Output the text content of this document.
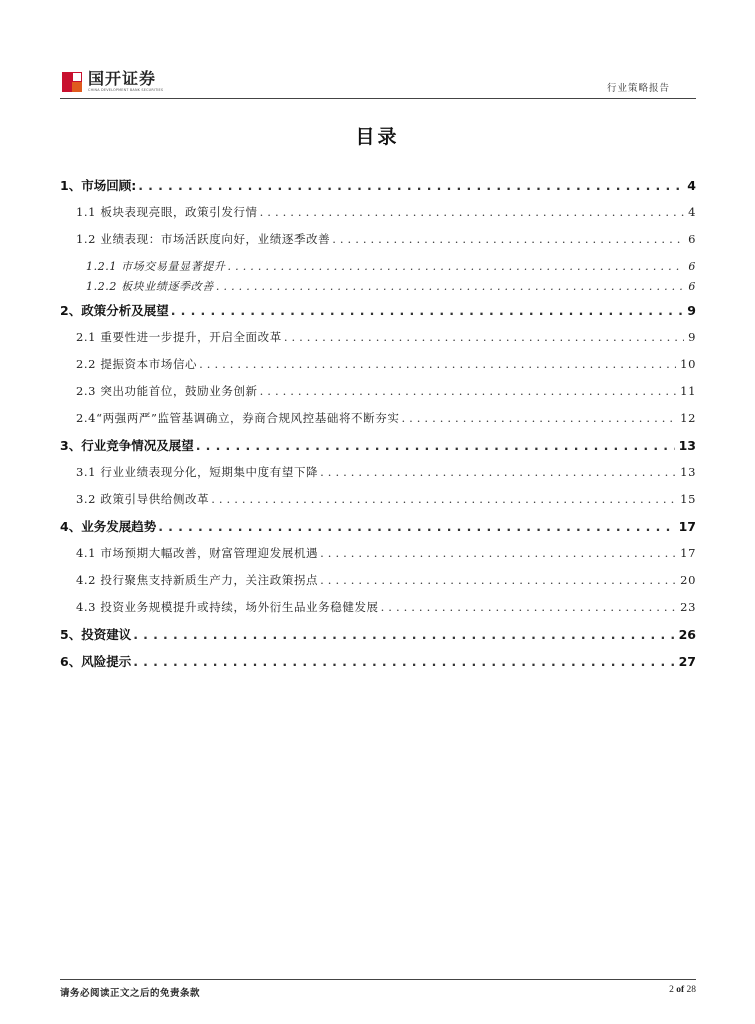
国开证券
CHINA DEVELOPMENT BANK SECURITIES	行业策略报告
目录
1、市场回顾: .....	4
1.1 板块表现亮眼，政策引发行情 .....	4
1.2 业绩表现：市场活跃度向好，业绩逐季改善 .....	6
1.2.1 市场交易量显著提升 .....	6
1.2.2 板块业绩逐季改善 .....	6
2、政策分析及展望 .....	9
2.1 重要性进一步提升，开启全面改革 .....	9
2.2 提振资本市场信心 .....	10
2.3 突出功能首位，鼓励业务创新 .....	11
2.4“两强两严”监管基调确立，券商合规风控基础将不断夯实 .....	12
3、行业竞争情况及展望 .....	13
3.1 行业业绩表现分化，短期集中度有望下降 .....	13
3.2 政策引导供给侧改革 .....	15
4、业务发展趋势 .....	17
4.1 市场预期大幅改善，财富管理迎发展机遇 .....	17
4.2 投行聚焦支持新质生产力，关注政策拐点 .....	20
4.3 投资业务规模提升或持续，场外衍生品业务稳健发展 .....	23
5、投资建议 .....	26
6、风险提示 .....	27
请务必阅读正文之后的免责条款	2 of 28
